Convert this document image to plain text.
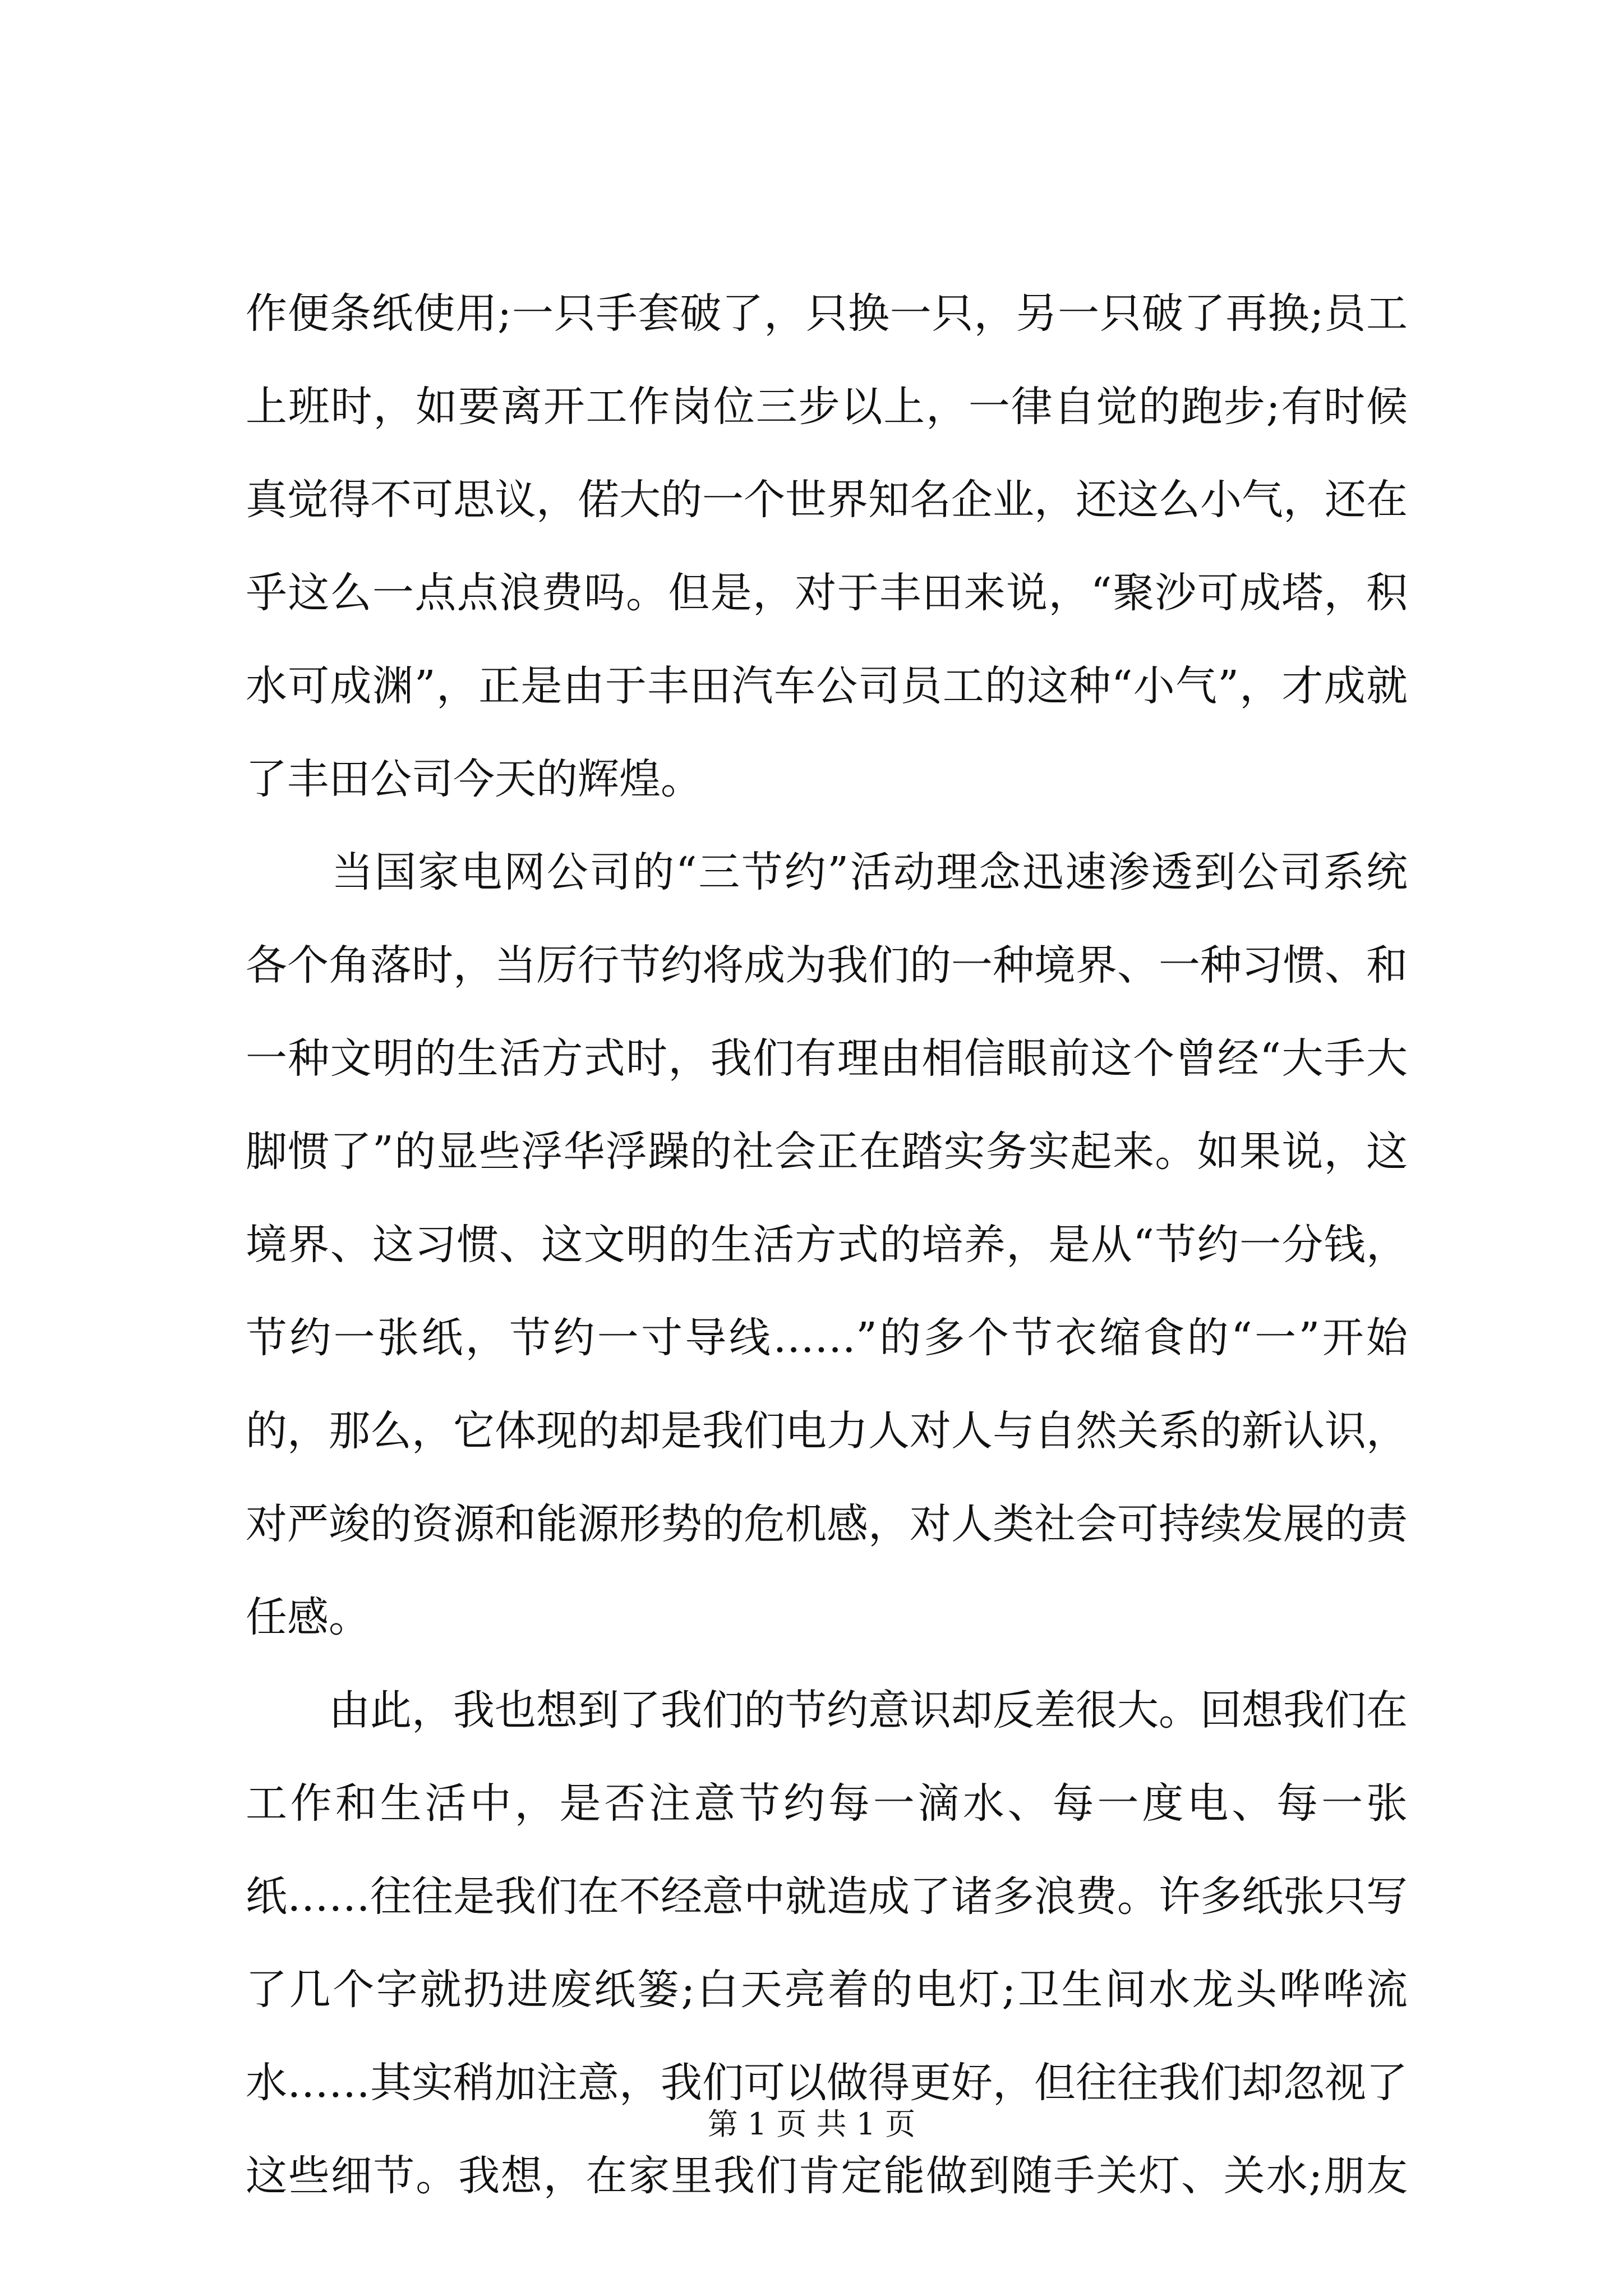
作便条纸使用;一只手套破了，只换一只，另一只破了再换;员工
上班时，如要离开工作岗位三步以上，一律自觉的跑步;有时候
真觉得不可思议，偌大的一个世界知名企业，还这么小气，还在
乎这么一点点浪费吗。但是，对于丰田来说，“聚沙可成塔，积
水可成渊”，正是由于丰田汽车公司员工的这种“小气”，才成就
了丰田公司今天的辉煌。
　　当国家电网公司的“三节约”活动理念迅速渗透到公司系统
各个角落时，当厉行节约将成为我们的一种境界、一种习惯、和
一种文明的生活方式时，我们有理由相信眼前这个曾经“大手大
脚惯了”的显些浮华浮躁的社会正在踏实务实起来。如果说，这
境界、这习惯、这文明的生活方式的培养，是从“节约一分钱，
节约一张纸，节约一寸导线……”的多个节衣缩食的“一”开始
的，那么，它体现的却是我们电力人对人与自然关系的新认识，
对严竣的资源和能源形势的危机感，对人类社会可持续发展的责
任感。
　　由此，我也想到了我们的节约意识却反差很大。回想我们在
工作和生活中，是否注意节约每一滴水、每一度电、每一张
纸……往往是我们在不经意中就造成了诸多浪费。许多纸张只写
了几个字就扔进废纸篓;白天亮着的电灯;卫生间水龙头哗哗流
水……其实稍加注意，我们可以做得更好，但往往我们却忽视了
这些细节。我想，在家里我们肯定能做到随手关灯、关水;朋友
第 1 页 共 1 页
